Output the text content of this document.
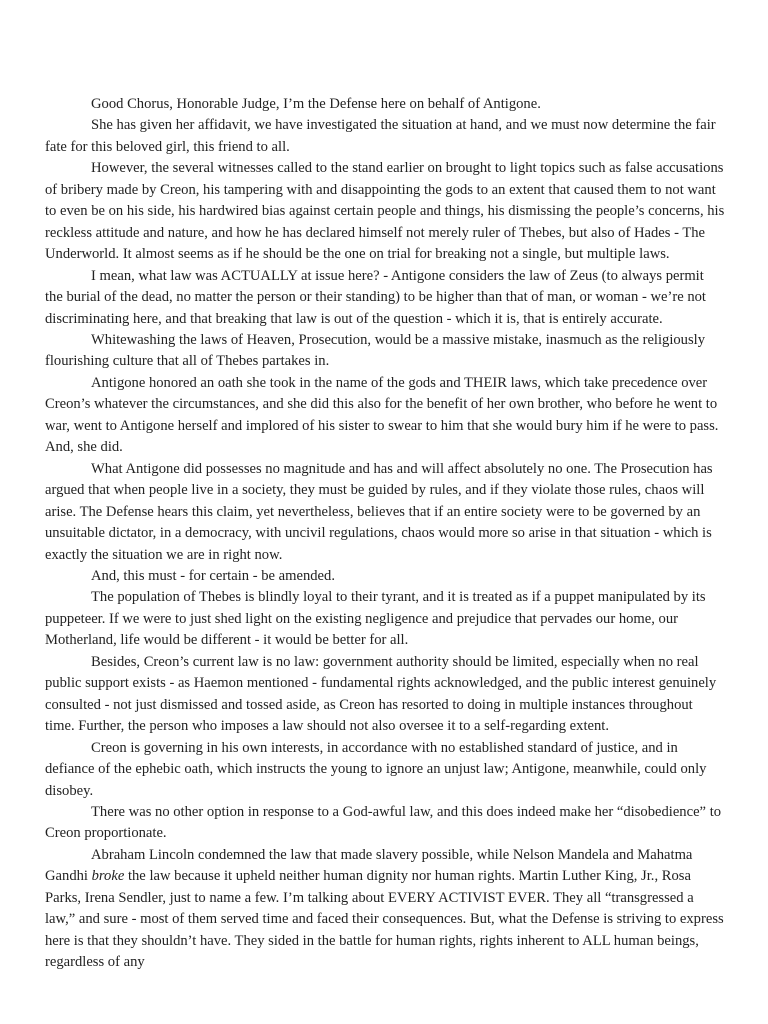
Good Chorus, Honorable Judge, I’m the Defense here on behalf of Antigone.

She has given her affidavit, we have investigated the situation at hand, and we must now determine the fair fate for this beloved girl, this friend to all.

However, the several witnesses called to the stand earlier on brought to light topics such as false accusations of bribery made by Creon, his tampering with and disappointing the gods to an extent that caused them to not want to even be on his side, his hardwired bias against certain people and things, his dismissing the people’s concerns, his reckless attitude and nature, and how he has declared himself not merely ruler of Thebes, but also of Hades - The Underworld. It almost seems as if he should be the one on trial for breaking not a single, but multiple laws.

I mean, what law was ACTUALLY at issue here? - Antigone considers the law of Zeus (to always permit the burial of the dead, no matter the person or their standing) to be higher than that of man, or woman - we’re not discriminating here, and that breaking that law is out of the question - which it is, that is entirely accurate.

Whitewashing the laws of Heaven, Prosecution, would be a massive mistake, inasmuch as the religiously flourishing culture that all of Thebes partakes in.

Antigone honored an oath she took in the name of the gods and THEIR laws, which take precedence over Creon’s whatever the circumstances, and she did this also for the benefit of her own brother, who before he went to war, went to Antigone herself and implored of his sister to swear to him that she would bury him if he were to pass. And, she did.

What Antigone did possesses no magnitude and has and will affect absolutely no one. The Prosecution has argued that when people live in a society, they must be guided by rules, and if they violate those rules, chaos will arise. The Defense hears this claim, yet nevertheless, believes that if an entire society were to be governed by an unsuitable dictator, in a democracy, with uncivil regulations, chaos would more so arise in that situation - which is exactly the situation we are in right now.

And, this must - for certain - be amended.

The population of Thebes is blindly loyal to their tyrant, and it is treated as if a puppet manipulated by its puppeteer. If we were to just shed light on the existing negligence and prejudice that pervades our home, our Motherland, life would be different - it would be better for all.

Besides, Creon’s current law is no law: government authority should be limited, especially when no real public support exists - as Haemon mentioned - fundamental rights acknowledged, and the public interest genuinely consulted - not just dismissed and tossed aside, as Creon has resorted to doing in multiple instances throughout time. Further, the person who imposes a law should not also oversee it to a self-regarding extent.

Creon is governing in his own interests, in accordance with no established standard of justice, and in defiance of the ephebic oath, which instructs the young to ignore an unjust law; Antigone, meanwhile, could only disobey.

There was no other option in response to a God-awful law, and this does indeed make her “disobedience” to Creon proportionate.

Abraham Lincoln condemned the law that made slavery possible, while Nelson Mandela and Mahatma Gandhi broke the law because it upheld neither human dignity nor human rights. Martin Luther King, Jr., Rosa Parks, Irena Sendler, just to name a few. I’m talking about EVERY ACTIVIST EVER. They all “transgressed a law,” and sure - most of them served time and faced their consequences. But, what the Defense is striving to express here is that they shouldn’t have. They sided in the battle for human rights, rights inherent to ALL human beings, regardless of any
